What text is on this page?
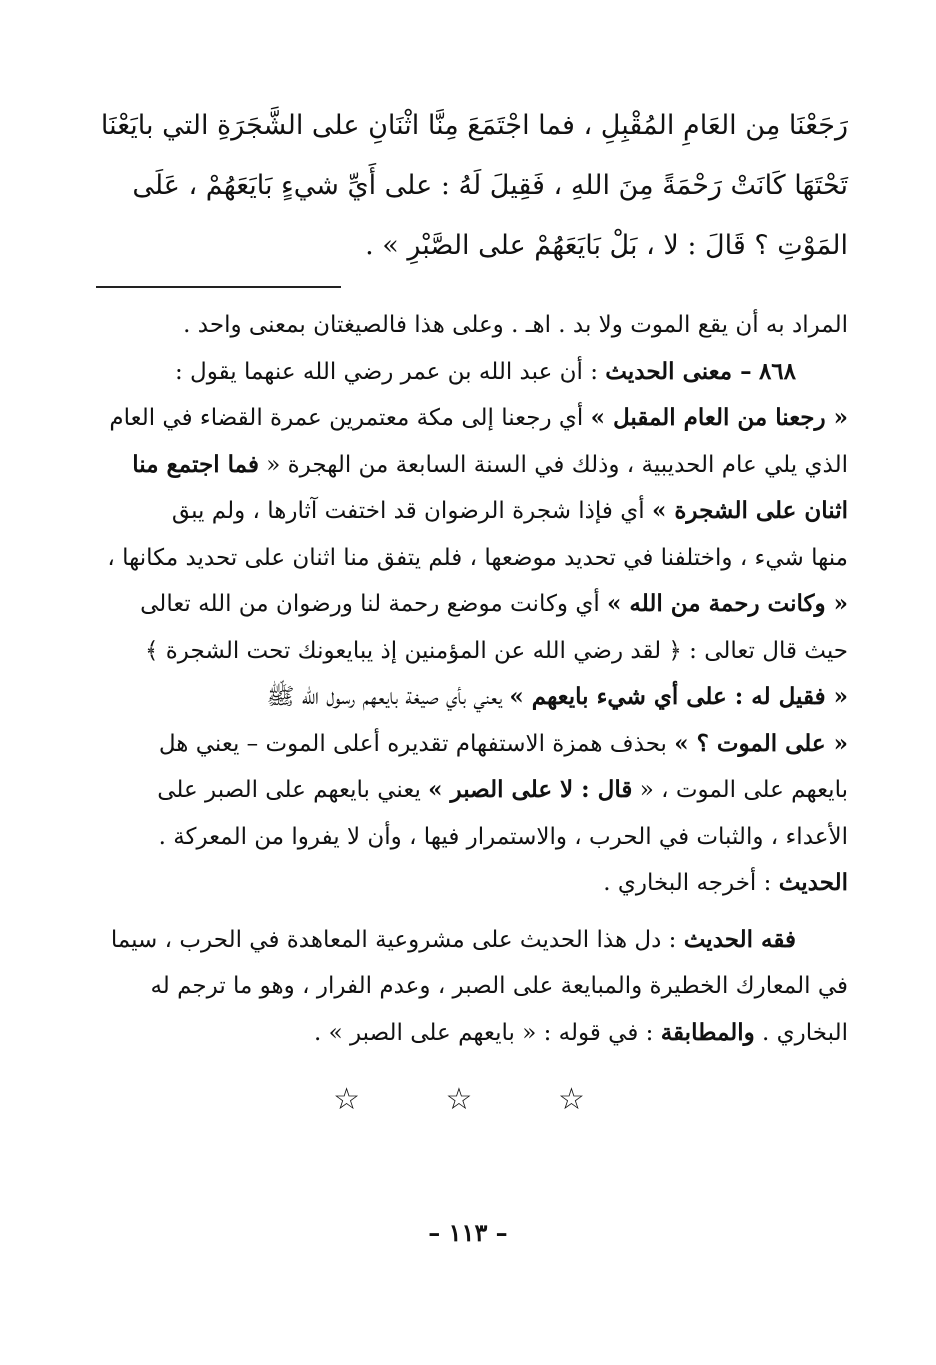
رَجَعْنَا مِن العَامِ المُقْبِلِ ، فما اجْتَمَعَ مِنَّا اثْنَانِ على الشَّجَرَةِ التي بايَعْنَا
تَحْتَهَا كَانَتْ رَحْمَةً مِنَ اللهِ ، فَقِيلَ لَهُ : على أَيِّ شيءٍ بَايَعَهُمْ ، عَلَى
المَوْتِ ؟ قَالَ : لا ، بَلْ بَايَعَهُمْ على الصَّبْرِ » .
المراد به أن يقع الموت ولا بد . اهـ . وعلى هذا فالصيغتان بمعنى واحد .
٨٦٨ – معنى الحديث : أن عبد الله بن عمر رضي الله عنهما يقول :
« رجعنا من العام المقبل » أي رجعنا إلى مكة معتمرين عمرة القضاء في العام
الذي يلي عام الحديبية ، وذلك في السنة السابعة من الهجرة « فما اجتمع منا
اثنان على الشجرة » أي فإذا شجرة الرضوان قد اختفت آثارها ، ولم يبق
منها شيء ، واختلفنا في تحديد موضعها ، فلم يتفق منا اثنان على تحديد مكانها ،
« وكانت رحمة من الله » أي وكانت موضع رحمة لنا ورضوان من الله تعالى
حيث قال تعالى : ﴿ لقد رضي الله عن المؤمنين إذ يبايعونك تحت الشجرة ﴾
« فقيل له : على أي شيء بايعهم » يعني بأي صيغة بايعهم رسول الله ﷺ
« على الموت ؟ » بحذف همزة الاستفهام تقديره أعلى الموت – يعني هل
بايعهم على الموت ، « قال : لا على الصبر » يعني بايعهم على الصبر على
الأعداء ، والثبات في الحرب ، والاستمرار فيها ، وأن لا يفروا من المعركة .
الحديث : أخرجه البخاري .
فقه الحديث : دل هذا الحديث على مشروعية المعاهدة في الحرب ، سيما
في المعارك الخطيرة والمبايعة على الصبر ، وعدم الفرار ، وهو ما ترجم له
البخاري . والمطابقة : في قوله : « بايعهم على الصبر » .
☆ ☆ ☆
– ١١٣ –
